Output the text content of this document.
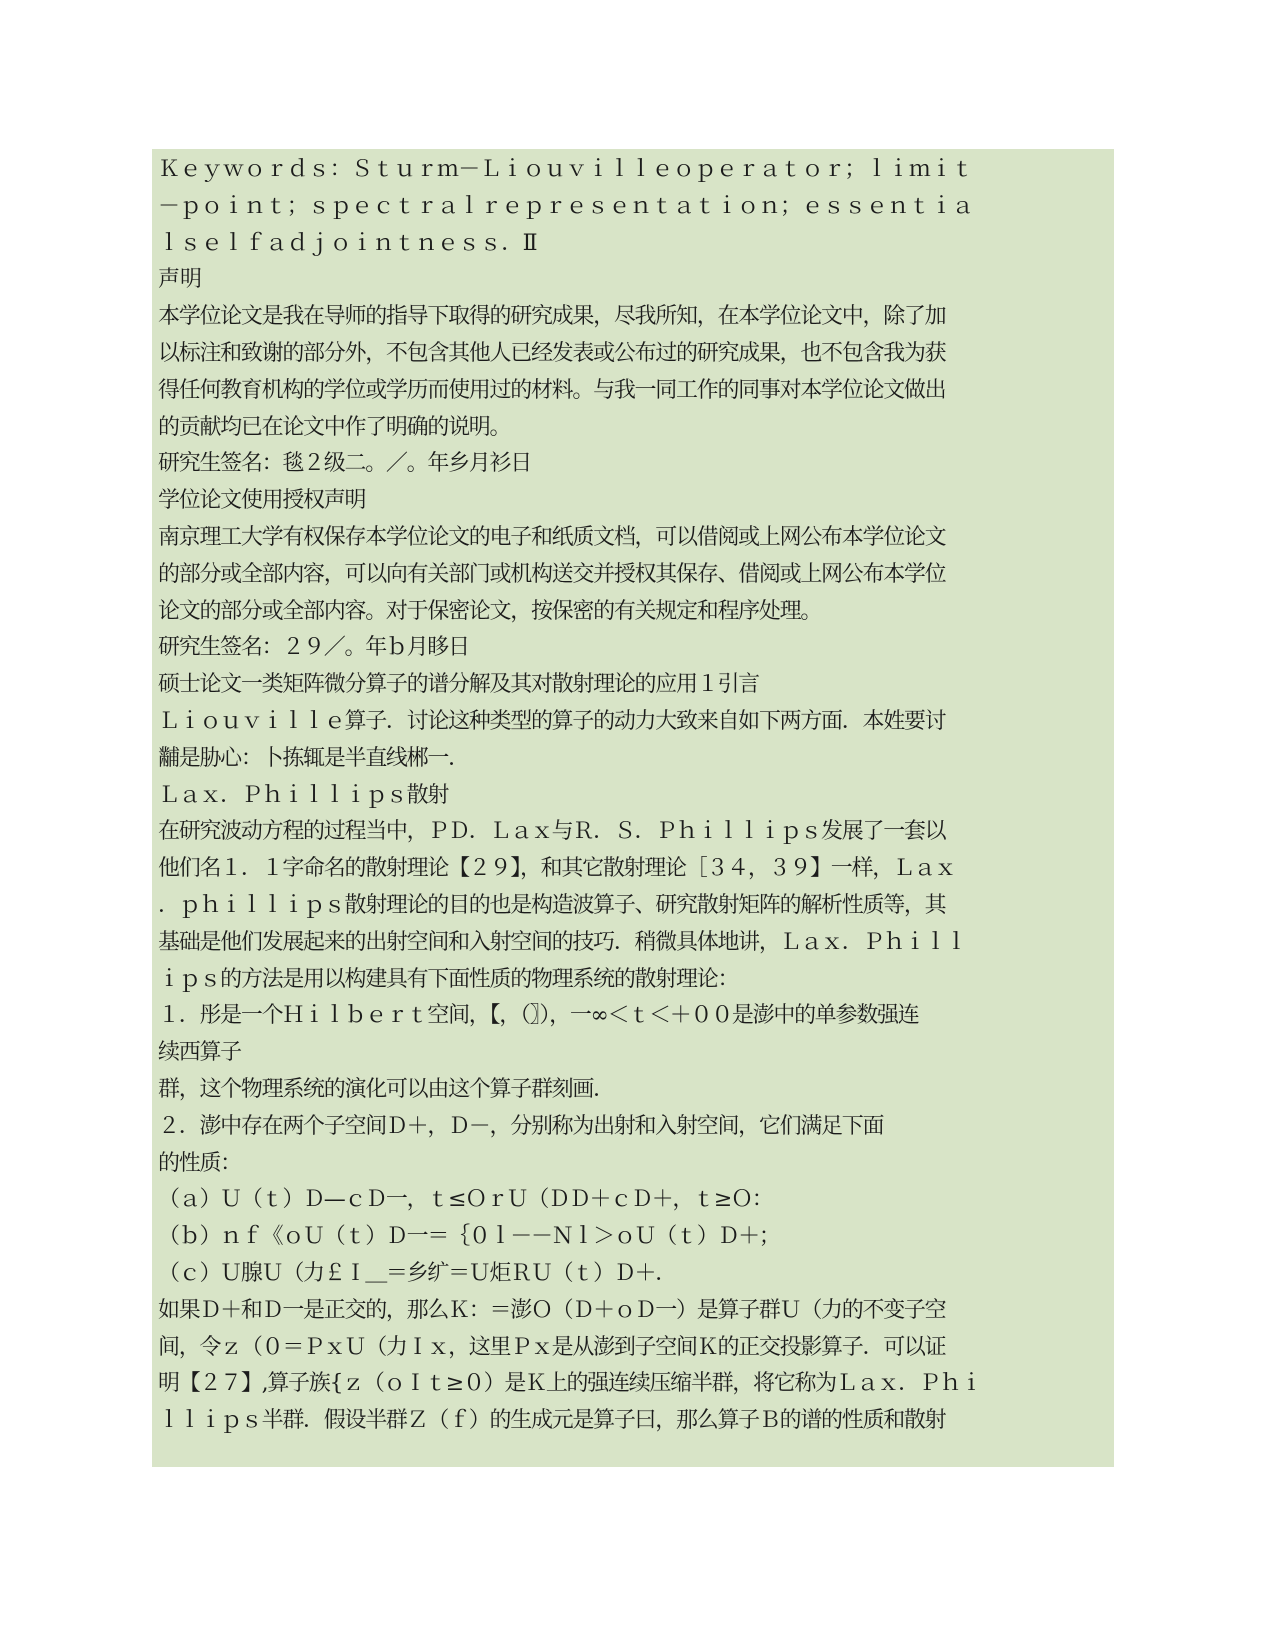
Ｋｅｙｗｏｒｄｓ：Ｓｔｕｒｍ－Ｌｉｏｕｖｉｌｌｅｏｐｅｒａｔｏｒ；ｌｉｍｉｔ
－ｐｏｉｎｔ；ｓｐｅｃｔｒａｌｒｅｐｒｅｓｅｎｔａｔｉｏｎ；ｅｓｓｅｎｔｉａ
ｌｓｅｌｆａｄｊｏｉｎｔｎｅｓｓ．Ⅱ
声明
本学位论文是我在导师的指导下取得的研究成果，尽我所知，在本学位论文中，除了加
以标注和致谢的部分外，不包含其他人已经发表或公布过的研究成果，也不包含我为获
得任何教育机构的学位或学历而使用过的材料。与我一同工作的同事对本学位论文做出
的贡献均已在论文中作了明确的说明。
研究生签名：毯２级二。／。年乡月衫日
学位论文使用授权声明
南京理工大学有权保存本学位论文的电子和纸质文档，可以借阅或上网公布本学位论文
的部分或全部内容，可以向有关部门或机构送交并授权其保存、借阅或上网公布本学位
论文的部分或全部内容。对于保密论文，按保密的有关规定和程序处理。
研究生签名：２９／。年ｂ月眵日
硕士论文一类矩阵微分算子的谱分解及其对散射理论的应用１引言
Ｌｉｏｕｖｉｌｌｅ算子．讨论这种类型的算子的动力大致来自如下两方面．本姓要讨
黼是胁心：卜拣辄是半直线郴一．
Ｌａｘ．Ｐｈｉｌｌｉｐｓ散射
在研究波动方程的过程当中，ＰＤ．Ｌａｘ与Ｒ．Ｓ．Ｐｈｉｌｌｉｐｓ发展了一套以
他们名１．１字命名的散射理论【２９】，和其它散射理论［３４，３９】一样，Ｌａｘ
．ｐｈｉｌｌｉｐｓ散射理论的目的也是构造波算子、研究散射矩阵的解析性质等，其
基础是他们发展起来的出射空间和入射空间的技巧．稍微具体地讲，Ｌａｘ．Ｐｈｉｌｌ
ｉｐｓ的方法是用以构建具有下面性质的物理系统的散射理论：
１．彤是一个Ｈｉｌｂｅｒｔ空间，【，（〗），一∞＜ｔ＜＋００是澎中的单参数强连
续西算子
群，这个物理系统的演化可以由这个算子群刻画．
２．澎中存在两个子空间Ｄ＋，Ｄ－，分别称为出射和入射空间，它们满足下面
的性质：
（ａ）Ｕ（ｔ）Ｄ—ｃＤ一，ｔ≤ＯｒＵ（ＤＤ＋ｃＤ＋，ｔ≥Ｏ：
（ｂ）ｎｆ《ｏＵ（ｔ）Ｄ一＝｛０ｌ－－Ｎｌ＞ｏＵ（ｔ）Ｄ＋；
（ｃ）Ｕ腺Ｕ（力￡Ｉ＿＝乡纩＝Ｕ炬ＲＵ（ｔ）Ｄ＋．
如果Ｄ＋和Ｄ一是正交的，那么Ｋ：＝澎Ｏ（Ｄ＋ｏＤ一）是算子群Ｕ（力的不变子空
间，令ｚ（０＝ＰｘＵ（力Ｉｘ，这里Ｐｘ是从澎到子空间Ｋ的正交投影算子．可以证
明【２７】,算子族{ｚ（ｏＩｔ≥０）是Ｋ上的强连续压缩半群，将它称为Ｌａｘ．Ｐｈｉ
ｌｌｉｐｓ半群．假设半群Ｚ（ｆ）的生成元是算子曰，那么算子Ｂ的谱的性质和散射
